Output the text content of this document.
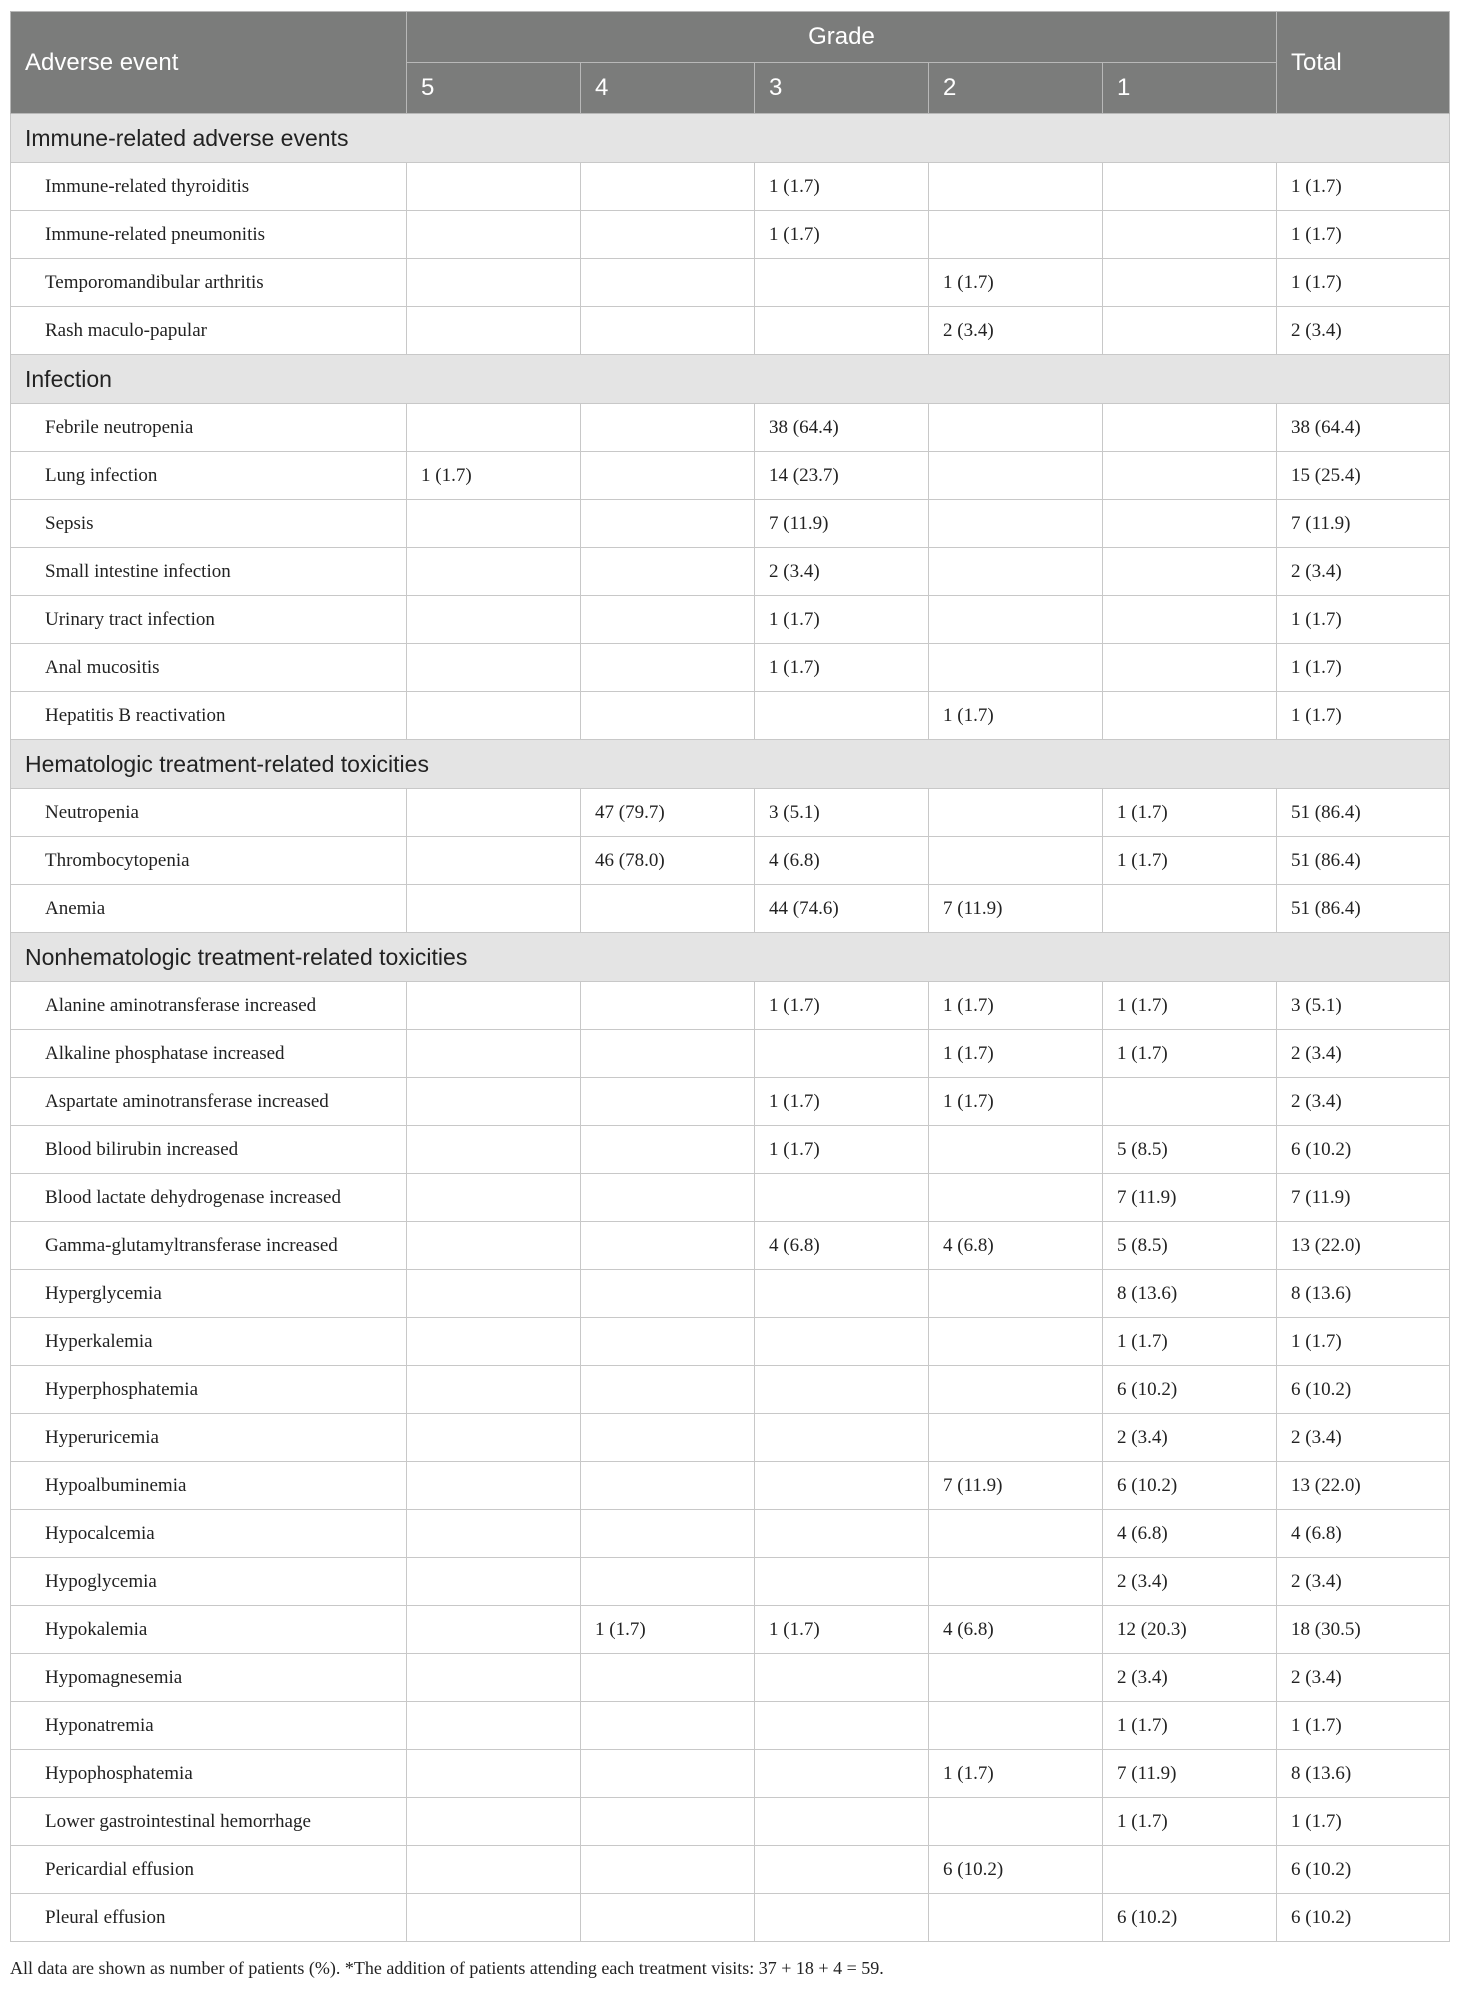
Adverse event	Grade					Total
	5	4	3	2	1	
Immune-related adverse events						
Immune-related thyroiditis			1 (1.7)			1 (1.7)
Immune-related pneumonitis			1 (1.7)			1 (1.7)
Temporomandibular arthritis				1 (1.7)		1 (1.7)
Rash maculo-papular				2 (3.4)		2 (3.4)
Infection						
Febrile neutropenia			38 (64.4)			38 (64.4)
Lung infection	1 (1.7)		14 (23.7)			15 (25.4)
Sepsis			7 (11.9)			7 (11.9)
Small intestine infection			2 (3.4)			2 (3.4)
Urinary tract infection			1 (1.7)			1 (1.7)
Anal mucositis			1 (1.7)			1 (1.7)
Hepatitis B reactivation				1 (1.7)		1 (1.7)
Hematologic treatment-related toxicities						
Neutropenia		47 (79.7)	3 (5.1)		1 (1.7)	51 (86.4)
Thrombocytopenia		46 (78.0)	4 (6.8)		1 (1.7)	51 (86.4)
Anemia			44 (74.6)	7 (11.9)		51 (86.4)
Nonhematologic treatment-related toxicities						
Alanine aminotransferase increased			1 (1.7)	1 (1.7)	1 (1.7)	3 (5.1)
Alkaline phosphatase increased				1 (1.7)	1 (1.7)	2 (3.4)
Aspartate aminotransferase increased			1 (1.7)	1 (1.7)		2 (3.4)
Blood bilirubin increased			1 (1.7)		5 (8.5)	6 (10.2)
Blood lactate dehydrogenase increased					7 (11.9)	7 (11.9)
Gamma-glutamyltransferase increased			4 (6.8)	4 (6.8)	5 (8.5)	13 (22.0)
Hyperglycemia					8 (13.6)	8 (13.6)
Hyperkalemia					1 (1.7)	1 (1.7)
Hyperphosphatemia					6 (10.2)	6 (10.2)
Hyperuricemia					2 (3.4)	2 (3.4)
Hypoalbuminemia				7 (11.9)	6 (10.2)	13 (22.0)
Hypocalcemia					4 (6.8)	4 (6.8)
Hypoglycemia					2 (3.4)	2 (3.4)
Hypokalemia		1 (1.7)	1 (1.7)	4 (6.8)	12 (20.3)	18 (30.5)
Hypomagnesemia					2 (3.4)	2 (3.4)
Hyponatremia					1 (1.7)	1 (1.7)
Hypophosphatemia				1 (1.7)	7 (11.9)	8 (13.6)
Lower gastrointestinal hemorrhage					1 (1.7)	1 (1.7)
Pericardial effusion				6 (10.2)		6 (10.2)
Pleural effusion					6 (10.2)	6 (10.2)
All data are shown as number of patients (%). *The addition of patients attending each treatment visits: 37 + 18 + 4 = 59.
